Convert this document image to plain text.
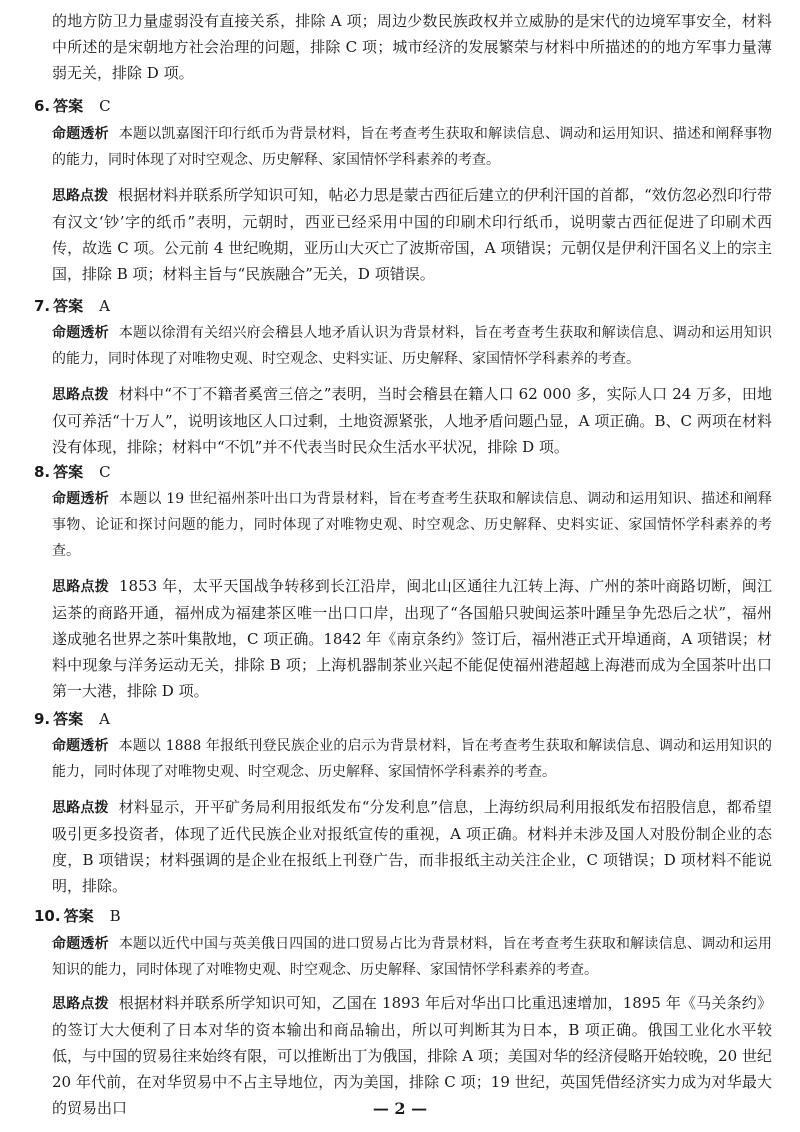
的地方防卫力量虚弱没有直接关系，排除 A 项；周边少数民族政权并立威胁的是宋代的边境军事安全，材料中所述的是宋朝地方社会治理的问题，排除 C 项；城市经济的发展繁荣与材料中所描述的的地方军事力量薄弱无关，排除 D 项。

6. 答案 C

命题透析 本题以凯嘉图汗印行纸币为背景材料，旨在考查考生获取和解读信息、调动和运用知识、描述和阐释事物的能力，同时体现了对时空观念、历史解释、家国情怀学科素养的考查。

思路点拨 根据材料并联系所学知识可知，帖必力思是蒙古西征后建立的伊利汗国的首都，“效仿忽必烈印行带有汉文‘钞’字的纸币”表明，元朝时，西亚已经采用中国的印刷术印行纸币，说明蒙古西征促进了印刷术西传，故选 C 项。公元前 4 世纪晚期，亚历山大灭亡了波斯帝国，A 项错误；元朝仅是伊利汗国名义上的宗主国，排除 B 项；材料主旨与“民族融合”无关，D 项错误。

7. 答案 A

命题透析 本题以徐渭有关绍兴府会稽县人地矛盾认识为背景材料，旨在考查考生获取和解读信息、调动和运用知识的能力，同时体现了对唯物史观、时空观念、史料实证、历史解释、家国情怀学科素养的考查。

思路点拨 材料中“不丁不籍者奚啻三倍之”表明，当时会稽县在籍人口 62 000 多，实际人口 24 万多，田地仅可养活“十万人”，说明该地区人口过剩，土地资源紧张，人地矛盾问题凸显，A 项正确。B、C 两项在材料没有体现，排除；材料中“不饥”并不代表当时民众生活水平状况，排除 D 项。

8. 答案 C

命题透析 本题以 19 世纪福州茶叶出口为背景材料，旨在考查考生获取和解读信息、调动和运用知识、描述和阐释事物、论证和探讨问题的能力，同时体现了对唯物史观、时空观念、历史解释、史料实证、家国情怀学科素养的考查。

思路点拨 1853 年，太平天国战争转移到长江沿岸，闽北山区通往九江转上海、广州的茶叶商路切断，闽江运茶的商路开通，福州成为福建茶区唯一出口口岸，出现了“各国船只驶闽运茶叶踵呈争先恐后之状”，福州遂成驰名世界之茶叶集散地，C 项正确。1842 年《南京条约》签订后，福州港正式开埠通商，A 项错误；材料中现象与洋务运动无关，排除 B 项；上海机器制茶业兴起不能促使福州港超越上海港而成为全国茶叶出口第一大港，排除 D 项。

9. 答案 A

命题透析 本题以 1888 年报纸刊登民族企业的启示为背景材料，旨在考查考生获取和解读信息、调动和运用知识的能力，同时体现了对唯物史观、时空观念、历史解释、家国情怀学科素养的考查。

思路点拨 材料显示，开平矿务局利用报纸发布“分发利息”信息，上海纺织局利用报纸发布招股信息，都希望吸引更多投资者，体现了近代民族企业对报纸宣传的重视，A 项正确。材料并未涉及国人对股份制企业的态度，B 项错误；材料强调的是企业在报纸上刊登广告，而非报纸主动关注企业，C 项错误；D 项材料不能说明，排除。

10. 答案 B

命题透析 本题以近代中国与英美俄日四国的进口贸易占比为背景材料，旨在考查考生获取和解读信息、调动和运用知识的能力，同时体现了对唯物史观、时空观念、历史解释、家国情怀学科素养的考查。

思路点拨 根据材料并联系所学知识可知，乙国在 1893 年后对华出口比重迅速增加，1895 年《马关条约》的签订大大便利了日本对华的资本输出和商品输出，所以可判断其为日本，B 项正确。俄国工业化水平较低，与中国的贸易往来始终有限，可以推断出丁为俄国，排除 A 项；美国对华的经济侵略开始较晚，20 世纪 20 年代前，在对华贸易中不占主导地位，丙为美国，排除 C 项；19 世纪，英国凭借经济实力成为对华最大的贸易出口	— 2 —
